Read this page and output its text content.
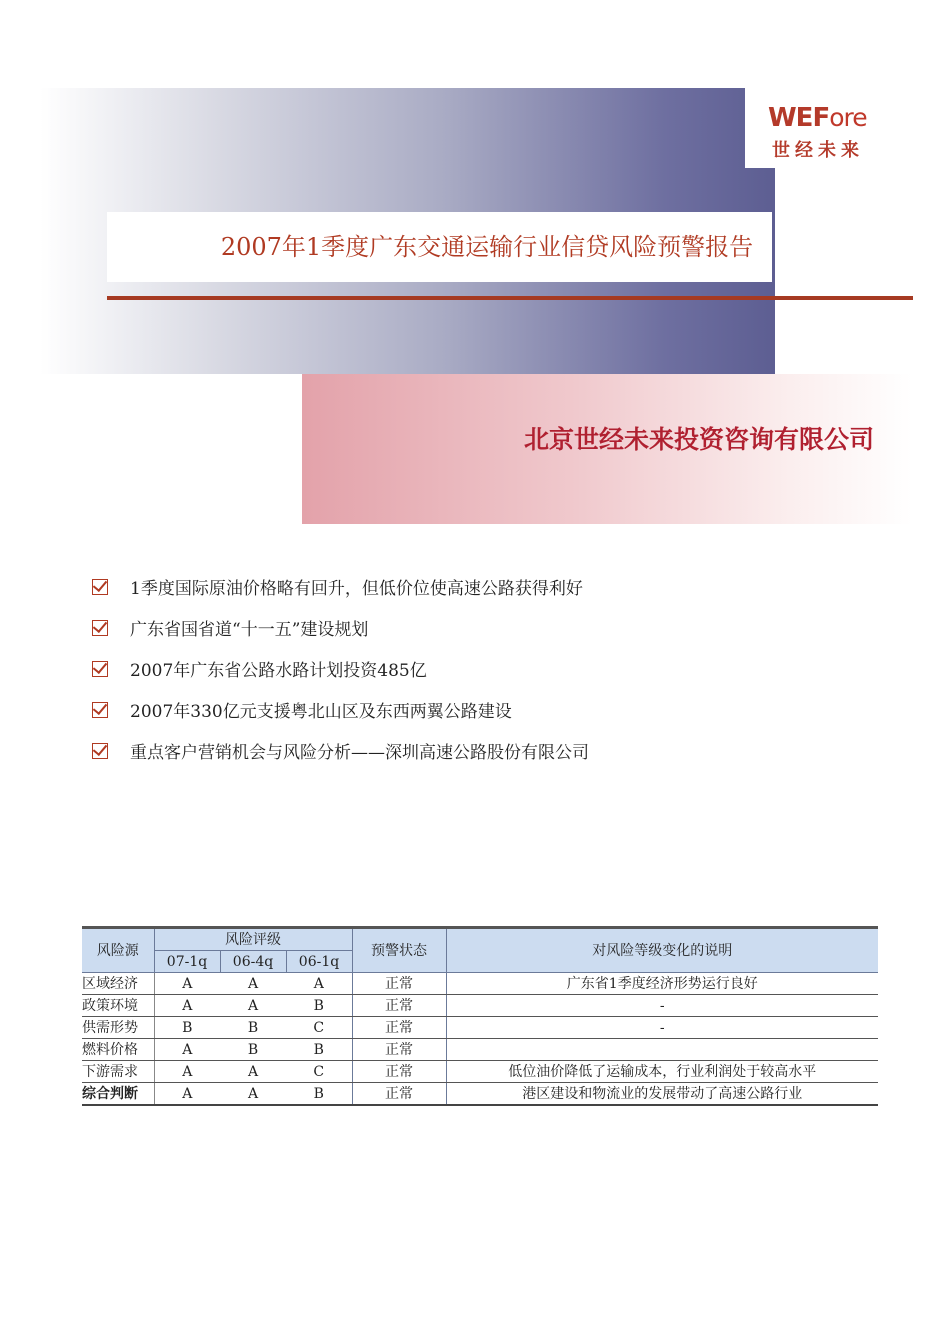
WEFore
世经未来
2007年1季度广东交通运输行业信贷风险预警报告
北京世经未来投资咨询有限公司
1季度国际原油价格略有回升，但低价位使高速公路获得利好
广东省国省道“十一五”建设规划
2007年广东省公路水路计划投资485亿
2007年330亿元支援粤北山区及东西两翼公路建设
重点客户营销机会与风险分析——深圳高速公路股份有限公司
风险源	风险评级			预警状态	对风险等级变化的说明
	07-1q	06-4q	06-1q		
区域经济	A	A	A	正常	广东省1季度经济形势运行良好
政策环境	A	A	B	正常	-
供需形势	B	B	C	正常	-
燃料价格	A	B	B	正常	
下游需求	A	A	C	正常	低位油价降低了运输成本，行业利润处于较高水平
综合判断	A	A	B	正常	港区建设和物流业的发展带动了高速公路行业
